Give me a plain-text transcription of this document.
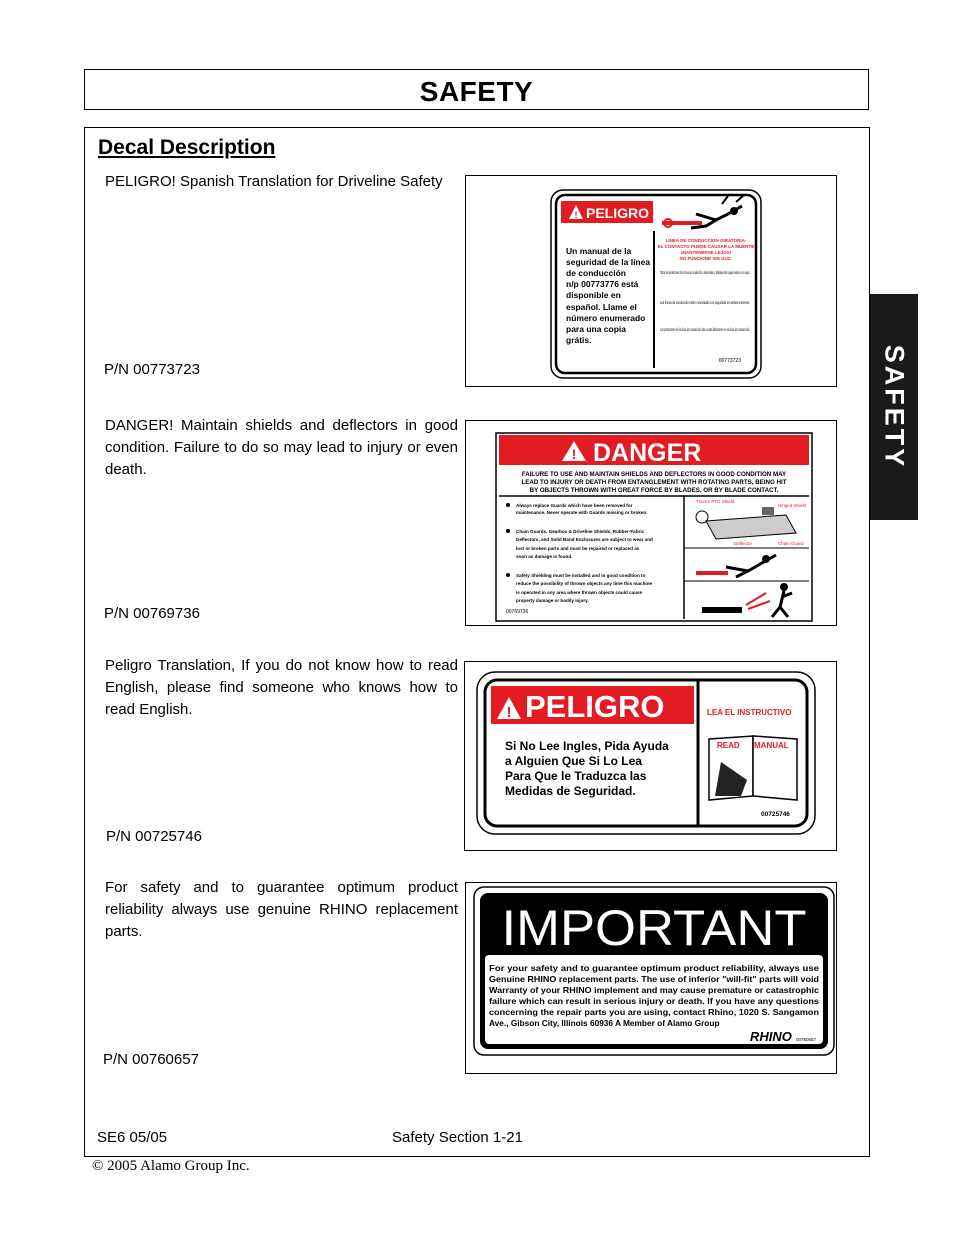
SAFETY
SAFETY
Decal Description
PELIGRO! Spanish Translation for Driveline Safety
P/N 00773723
! PELIGRO
Un manual de la
seguridad de la línea
de conducción
n/p 00773776 está
disponible en
español. Llame el
número enumerado
para una copia
grátis.
LINEA DE CONDUCCION GIRATORIA-
EL CONTACTO PUEDE CAUSAR LA MUERTE
¡MANTENERSE LEJOS!
NO FUNCIONE SIN GUC-
Todos los protectores de la línea de conducción, alimentador y blindajes del equipo estén en su lugar.
Las líneas de conducción estén conectadas con seguridad en ambos extremos.
Los protectores de la línea de conducción den vuelta libremente en la línea de conducción.
00773723
DANGER! Maintain shields and deflectors in good condition. Failure to do so may lead to injury or even death.
P/N 00769736
! DANGER
FAILURE TO USE AND MAINTAIN SHIELDS AND DEFLECTORS IN GOOD CONDITION MAY
LEAD TO INJURY OR DEATH FROM ENTANGLEMENT WITH ROTATING PARTS, BEING HIT
BY OBJECTS THROWN WITH GREAT FORCE BY BLADES, OR BY BLADE CONTACT.
Always replace Guards which have been removed for
maintenance. Never operate with Guards missing or broken.
Chain Guards, Gearbox & Driveline Shields, Rubber-Fabric
Deflectors, and Solid Band Enclosures are subject to wear and
lost or broken parts and must be repaired or replaced as
soon as damage is found.
Safety Shielding must be installed and in good condition to
reduce the possibility of thrown objects any time this machine
is operated in any area where thrown objects could cause
property damage or bodily injury.
00769736
Tractor PTO Shield
Hinged Shield
Deflector	Chain Guard
Peligro Translation, If you do not know how to read English, please find someone who knows how to read English.
P/N 00725746
! PELIGRO
Si No Lee Ingles, Pida Ayuda
a Alguien Que Si Lo Lea
Para Que le Traduzca las
Medidas de Seguridad.
LEA EL INSTRUCTIVO
READ MANUAL
00725746
For safety and to guarantee optimum product reliability always use genuine RHINO replacement parts.
P/N 00760657
IMPORTANT
For your safety and to guarantee optimum product reliability, always use
Genuine RHINO replacement parts. The use of inferior "will-fit" parts will void
Warranty of your RHINO implement and may cause premature or catastrophic
failure which can result in serious injury or death. If you have any questions
concerning the repair parts you are using, contact Rhino, 1020 S. Sangamon
Ave., Gibson City, Illinois 60936 A Member of Alamo Group
RHINO 00760657
SE6 05/05	Safety Section 1-21
© 2005 Alamo Group Inc.
